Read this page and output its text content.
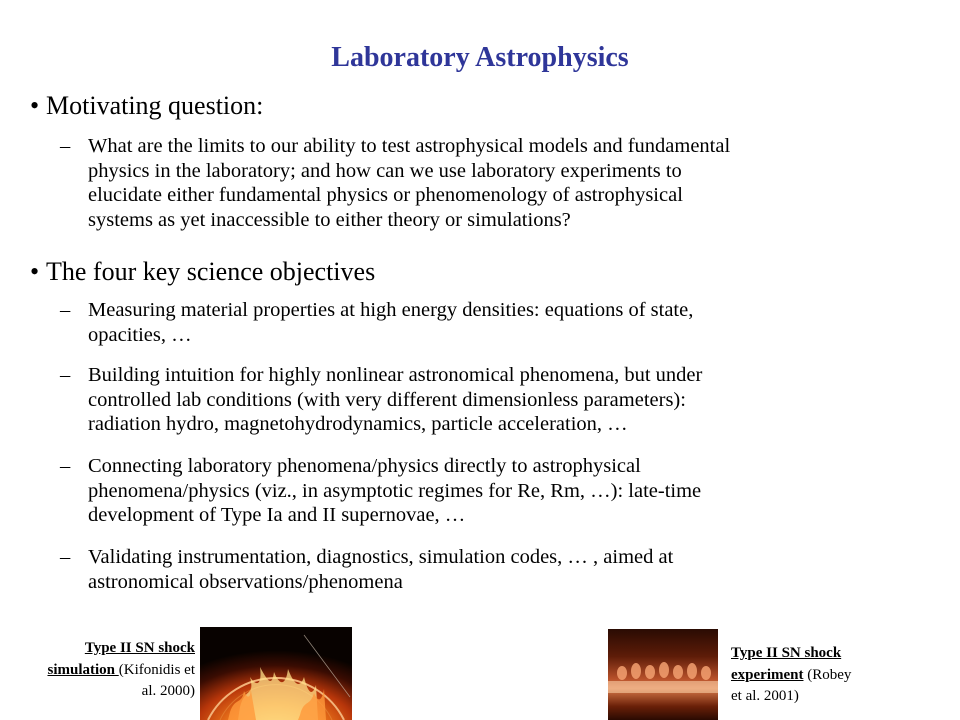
Laboratory Astrophysics
• Motivating question:
– What are the limits to our ability to test astrophysical models and fundamental
physics in the laboratory; and how can we use laboratory experiments to
elucidate either fundamental physics or phenomenology of astrophysical
systems as yet inaccessible to either theory or simulations?
• The four key science objectives
– Measuring material properties at high energy densities: equations of state,
opacities, …
– Building intuition for highly nonlinear astronomical phenomena, but under
controlled lab conditions (with very different dimensionless parameters):
radiation hydro, magnetohydrodynamics, particle acceleration, …
– Connecting laboratory phenomena/physics directly to astrophysical
phenomena/physics (viz., in asymptotic regimes for Re, Rm, …): late-time
development of Type Ia and II supernovae, …
– Validating instrumentation, diagnostics, simulation codes, … , aimed at
astronomical observations/phenomena
Type II SN shock
simulation (Kifonidis et
al. 2000)
Type II SN shock
experiment (Robey
et al. 2001)
